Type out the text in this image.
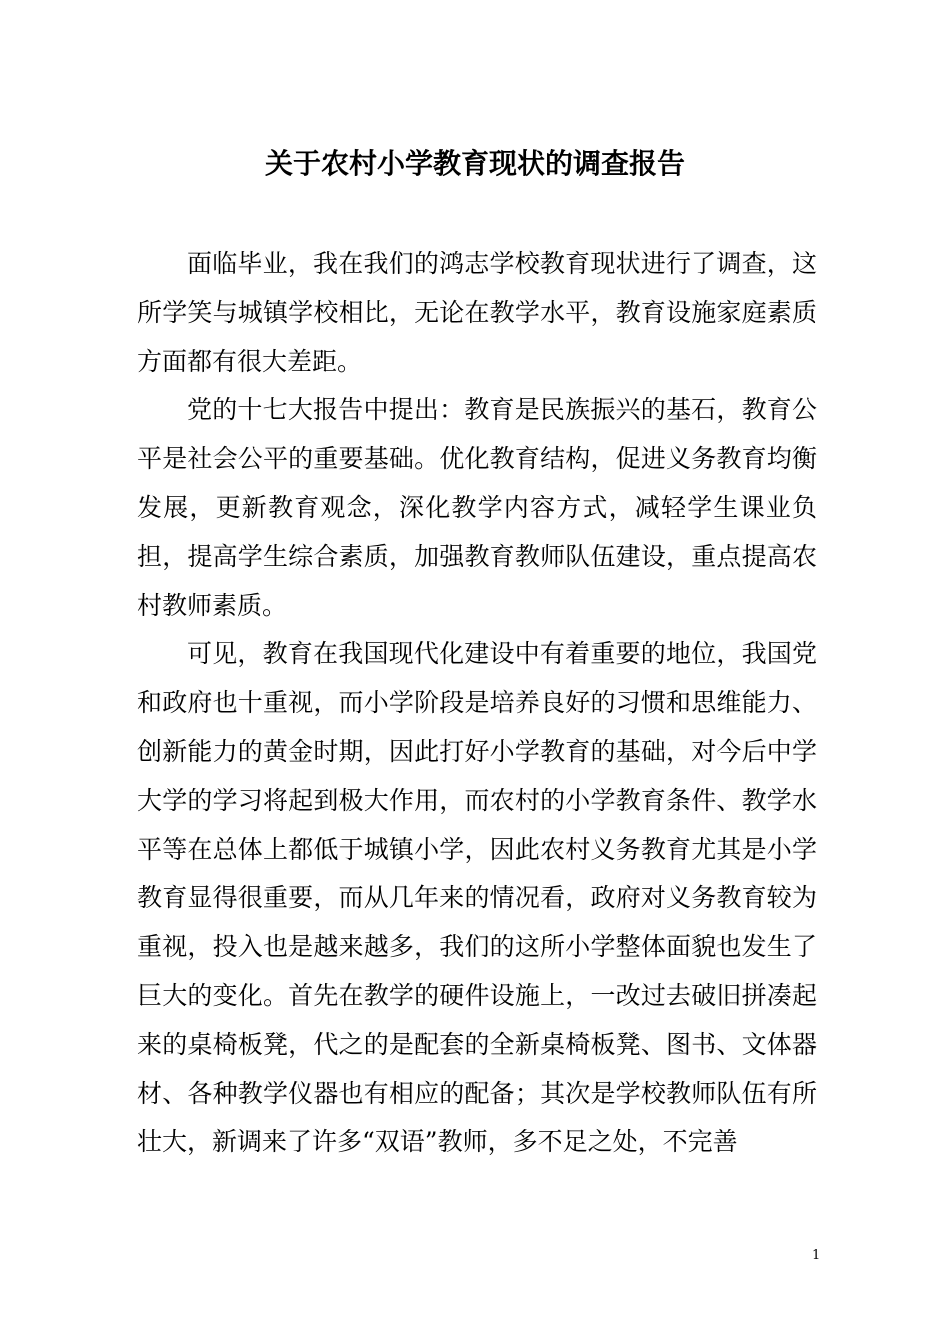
关于农村小学教育现状的调查报告

面临毕业，我在我们的鸿志学校教育现状进行了调查，这所学笑与城镇学校相比，无论在教学水平，教育设施家庭素质方面都有很大差距。

党的十七大报告中提出：教育是民族振兴的基石，教育公平是社会公平的重要基础。优化教育结构，促进义务教育均衡发展，更新教育观念，深化教学内容方式，减轻学生课业负担，提高学生综合素质，加强教育教师队伍建设，重点提高农村教师素质。

可见，教育在我国现代化建设中有着重要的地位，我国党和政府也十重视，而小学阶段是培养良好的习惯和思维能力、创新能力的黄金时期，因此打好小学教育的基础，对今后中学大学的学习将起到极大作用，而农村的小学教育条件、教学水平等在总体上都低于城镇小学，因此农村义务教育尤其是小学教育显得很重要，而从几年来的情况看，政府对义务教育较为重视，投入也是越来越多，我们的这所小学整体面貌也发生了巨大的变化。首先在教学的硬件设施上，一改过去破旧拼凑起来的桌椅板凳，代之的是配套的全新桌椅板凳、图书、文体器材、各种教学仪器也有相应的配备；其次是学校教师队伍有所壮大，新调来了许多“双语”教师，多不足之处，不完善

1
